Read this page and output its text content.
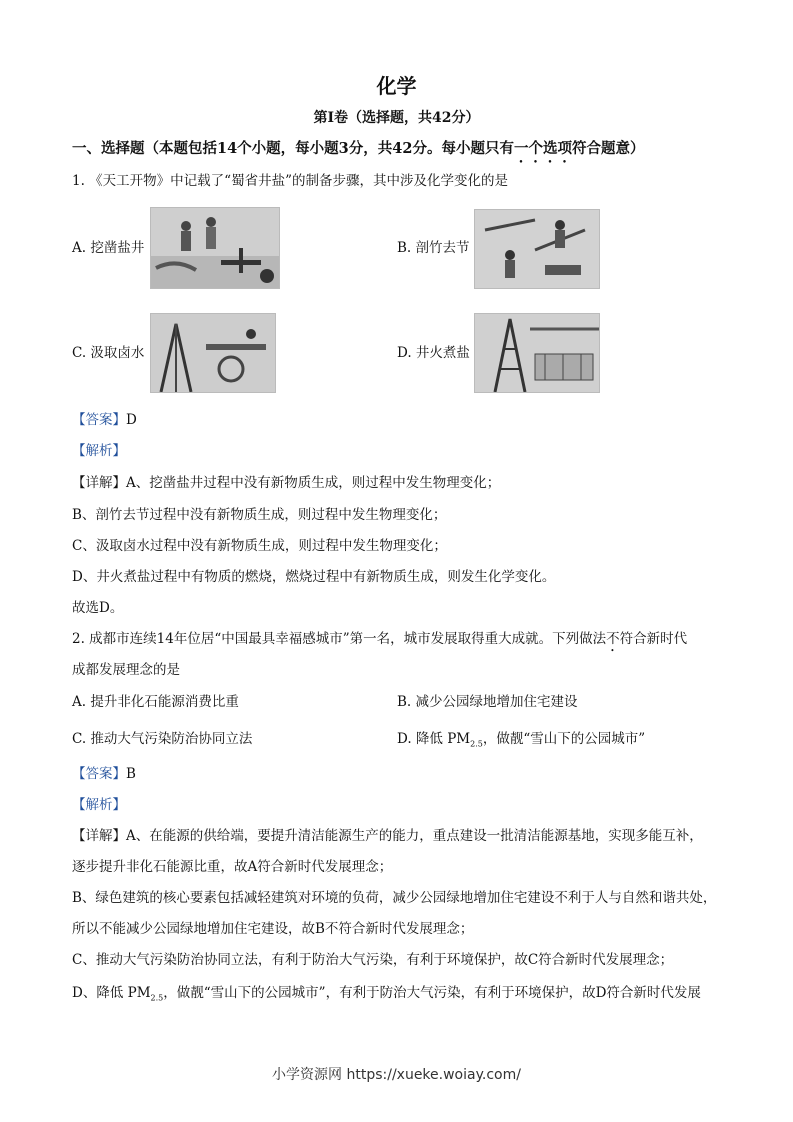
化学
第I卷（选择题，共42分）
一、选择题（本题包括14个小题，每小题3分，共42分。每小题只有一个选项符合题意）
1. 《天工开物》中记载了“蜀省井盐”的制备步骤，其中涉及化学变化的是
A. 挖凿盐井	B. 剖竹去节
C. 汲取卤水	D. 井火煮盐
【答案】D
【解析】
【详解】A、挖凿盐井过程中没有新物质生成，则过程中发生物理变化；
B、剖竹去节过程中没有新物质生成，则过程中发生物理变化；
C、汲取卤水过程中没有新物质生成，则过程中发生物理变化；
D、井火煮盐过程中有物质的燃烧，燃烧过程中有新物质生成，则发生化学变化。
故选D。
2. 成都市连续14年位居“中国最具幸福感城市”第一名，城市发展取得重大成就。下列做法不符合新时代
成都发展理念的是
A. 提升非化石能源消费比重	B. 减少公园绿地增加住宅建设
C. 推动大气污染防治协同立法	D. 降低 $PM_{2.5}$，做靓“雪山下的公园城市”
【答案】B
【解析】
【详解】A、在能源的供给端，要提升清洁能源生产的能力，重点建设一批清洁能源基地，实现多能互补，
逐步提升非化石能源比重，故A符合新时代发展理念；
B、绿色建筑的核心要素包括减轻建筑对环境的负荷，减少公园绿地增加住宅建设不利于人与自然和谐共处，
所以不能减少公园绿地增加住宅建设，故B不符合新时代发展理念；
C、推动大气污染防治协同立法，有利于防治大气污染，有利于环境保护，故C符合新时代发展理念；
D、降低 $PM_{2.5}$，做靓“雪山下的公园城市”，有利于防治大气污染，有利于环境保护，故D符合新时代发展
小学资源网 https://xueke.woiay.com/
